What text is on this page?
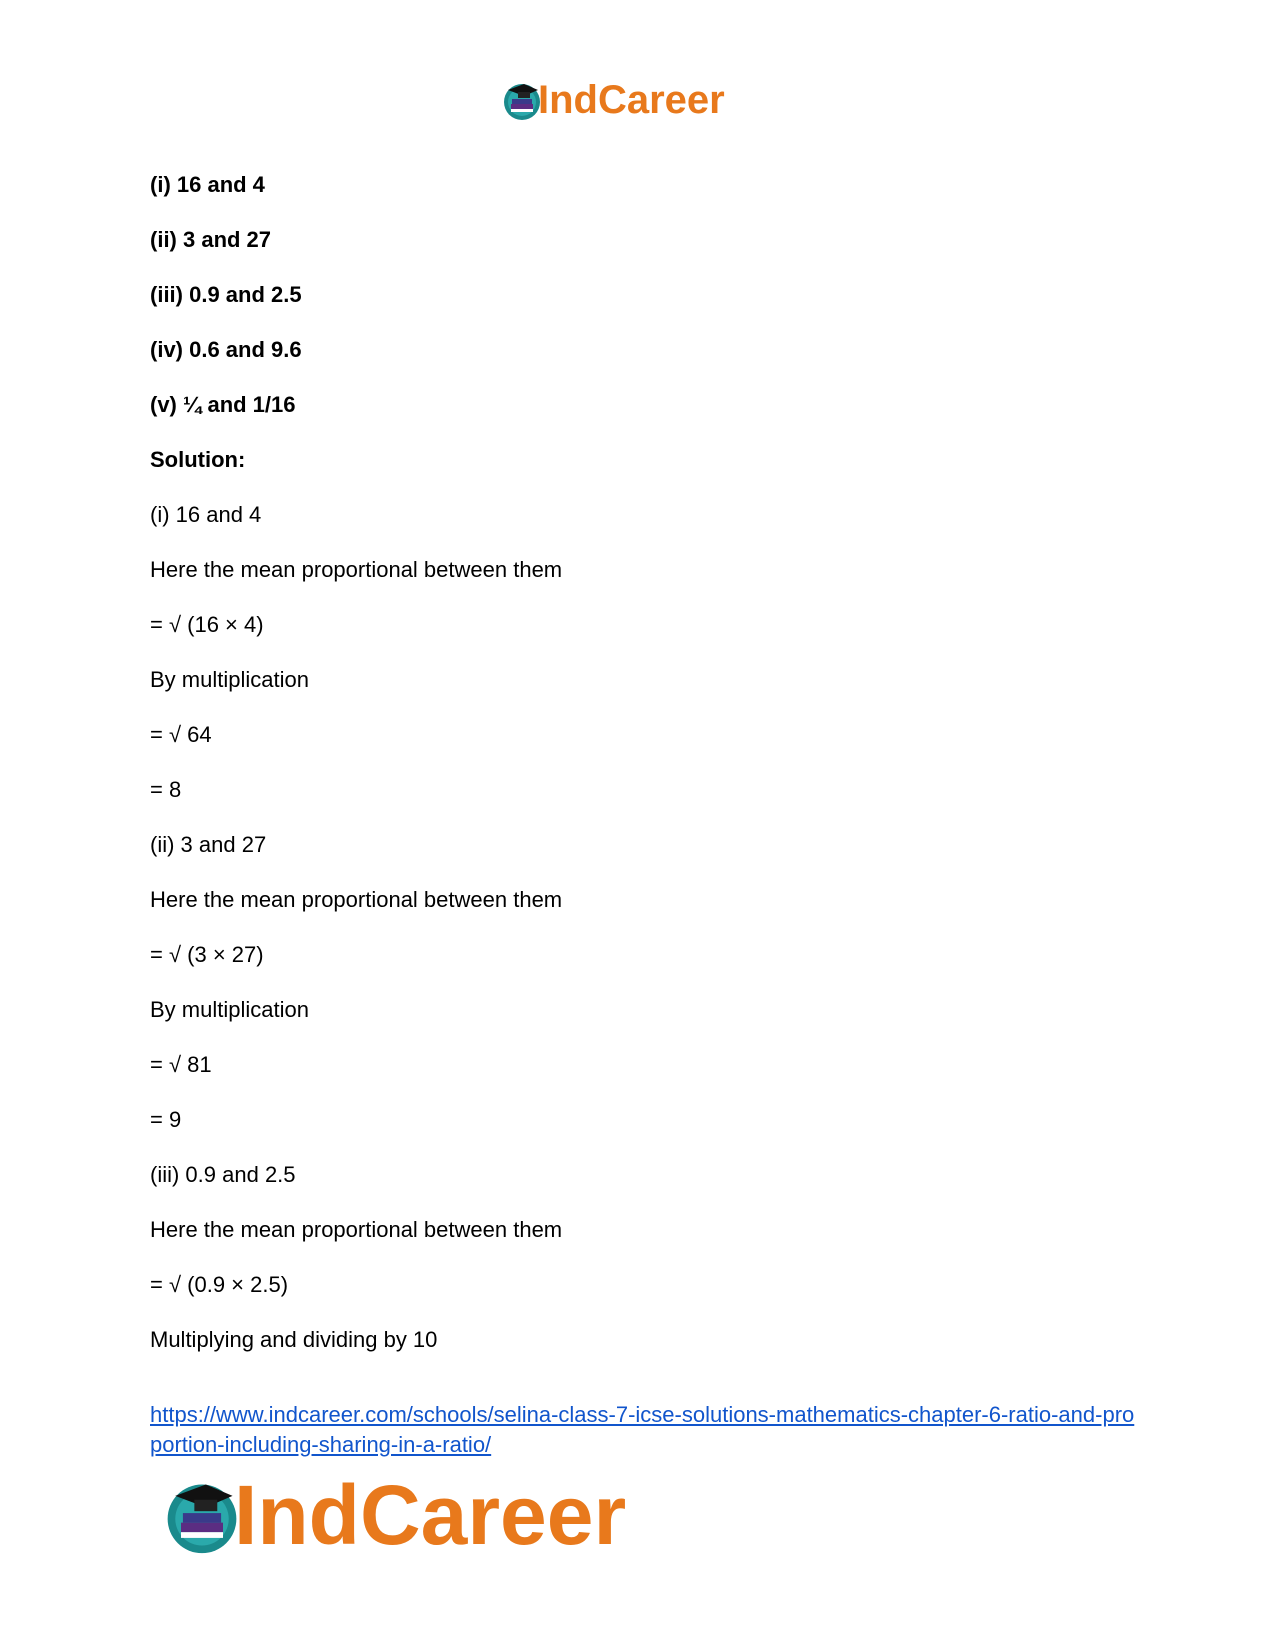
IndCareer
(i) 16 and 4
(ii) 3 and 27
(iii) 0.9 and 2.5
(iv) 0.6 and 9.6
(v) ¼ and 1/16
Solution:
(i) 16 and 4
Here the mean proportional between them
= √ (16 × 4)
By multiplication
= √ 64
= 8
(ii) 3 and 27
Here the mean proportional between them
= √ (3 × 27)
By multiplication
= √ 81
= 9
(iii) 0.9 and 2.5
Here the mean proportional between them
= √ (0.9 × 2.5)
Multiplying and dividing by 10
https://www.indcareer.com/schools/selina-class-7-icse-solutions-mathematics-chapter-6-ratio-and-proportion-including-sharing-in-a-ratio/
IndCareer
